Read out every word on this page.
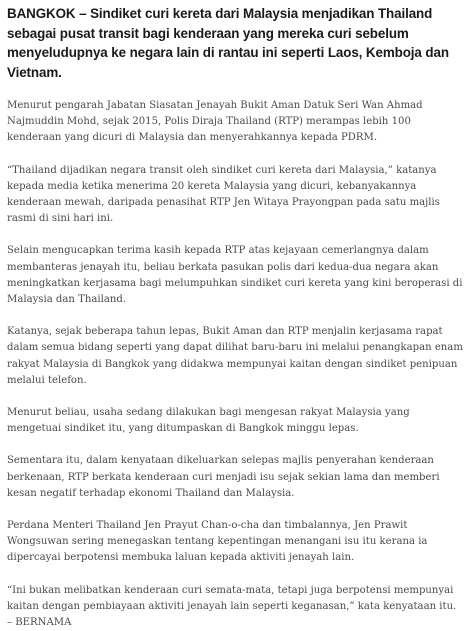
BANGKOK – Sindiket curi kereta dari Malaysia menjadikan Thailand sebagai pusat transit bagi kenderaan yang mereka curi sebelum menyeludupnya ke negara lain di rantau ini seperti Laos, Kemboja dan Vietnam.

Menurut pengarah Jabatan Siasatan Jenayah Bukit Aman Datuk Seri Wan Ahmad Najmuddin Mohd, sejak 2015, Polis Diraja Thailand (RTP) merampas lebih 100 kenderaan yang dicuri di Malaysia dan menyerahkannya kepada PDRM.

“Thailand dijadikan negara transit oleh sindiket curi kereta dari Malaysia,” katanya kepada media ketika menerima 20 kereta Malaysia yang dicuri, kebanyakannya kenderaan mewah, daripada penasihat RTP Jen Witaya Prayongpan pada satu majlis rasmi di sini hari ini.

Selain mengucapkan terima kasih kepada RTP atas kejayaan cemerlangnya dalam membanteras jenayah itu, beliau berkata pasukan polis dari kedua-dua negara akan meningkatkan kerjasama bagi melumpuhkan sindiket curi kereta yang kini beroperasi di Malaysia dan Thailand.

Katanya, sejak beberapa tahun lepas, Bukit Aman dan RTP menjalin kerjasama rapat dalam semua bidang seperti yang dapat dilihat baru-baru ini melalui penangkapan enam rakyat Malaysia di Bangkok yang didakwa mempunyai kaitan dengan sindiket penipuan melalui telefon.

Menurut beliau, usaha sedang dilakukan bagi mengesan rakyat Malaysia yang mengetuai sindiket itu, yang ditumpaskan di Bangkok minggu lepas.

Sementara itu, dalam kenyataan dikeluarkan selepas majlis penyerahan kenderaan berkenaan, RTP berkata kenderaan curi menjadi isu sejak sekian lama dan memberi kesan negatif terhadap ekonomi Thailand dan Malaysia.

Perdana Menteri Thailand Jen Prayut Chan-o-cha dan timbalannya, Jen Prawit Wongsuwan sering menegaskan tentang kepentingan menangani isu itu kerana ia dipercayai berpotensi membuka laluan kepada aktiviti jenayah lain.

“Ini bukan melibatkan kenderaan curi semata-mata, tetapi juga berpotensi mempunyai kaitan dengan pembiayaan aktiviti jenayah lain seperti keganasan,” kata kenyataan itu. – BERNAMA
